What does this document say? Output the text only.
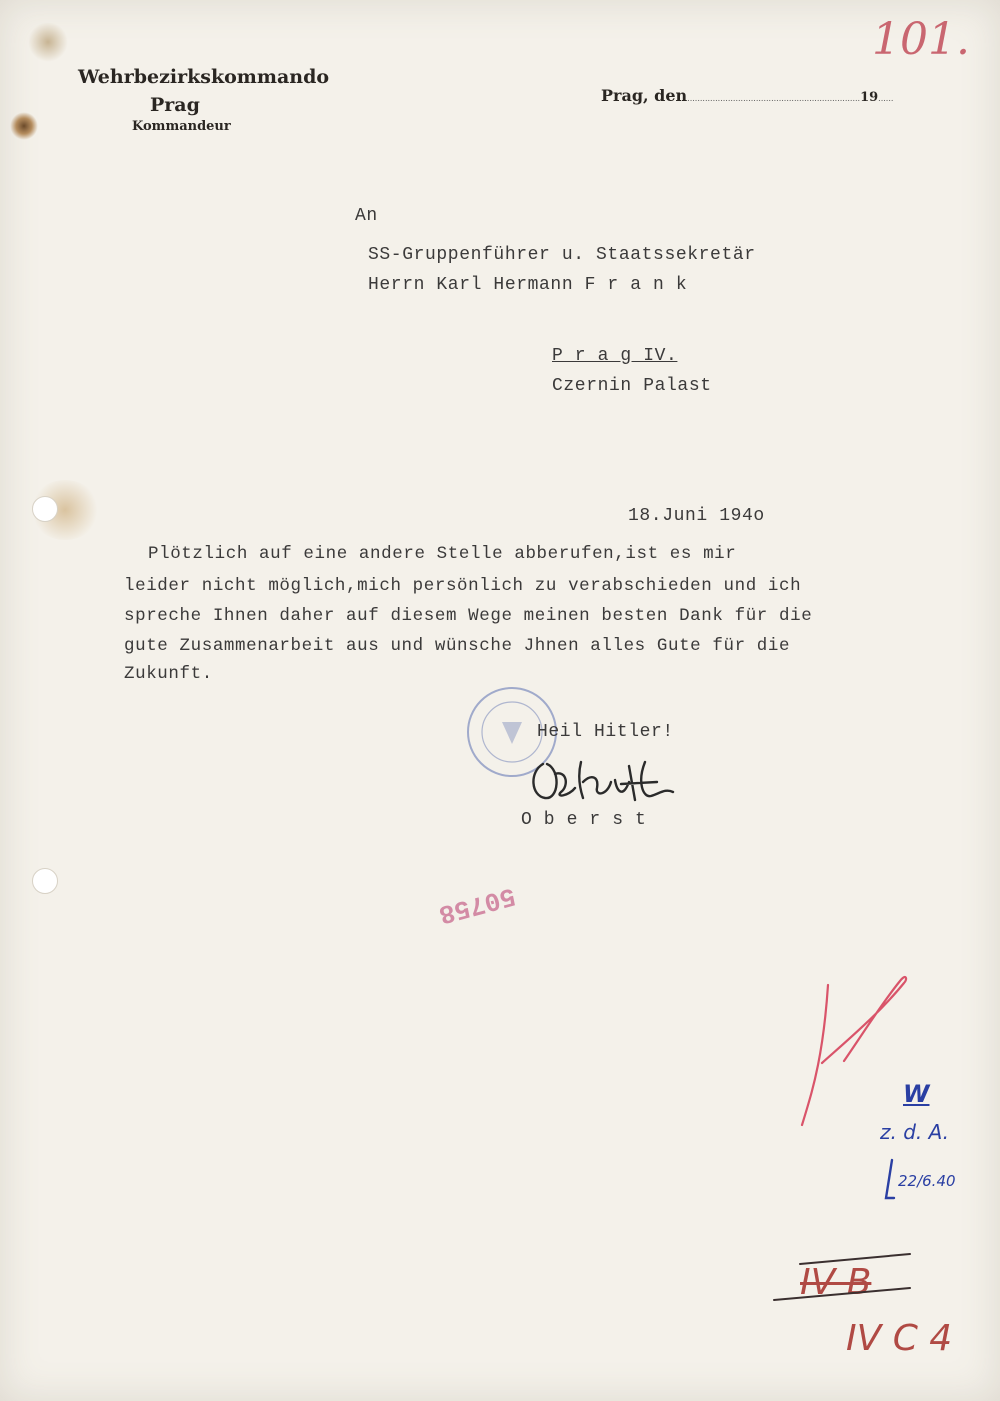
Wehrbezirkskommando
Prag
Kommandeur
Prag, den....................................................................19......
101.
An
SS-Gruppenführer u. Staatssekretär
Herrn Karl Hermann F r a n k
P r a g IV.
Czernin Palast
18.Juni 194o
Plötzlich auf eine andere Stelle abberufen,ist es mir
leider nicht möglich,mich persönlich zu verabschieden und ich
spreche Ihnen daher auf diesem Wege meinen besten Dank für die
gute Zusammenarbeit aus und wünsche Jhnen alles Gute für die
Zukunft.
Heil Hitler!
O b e r s t
50758
W
z. d. A.
22/6.40
IV B
IV C 4
